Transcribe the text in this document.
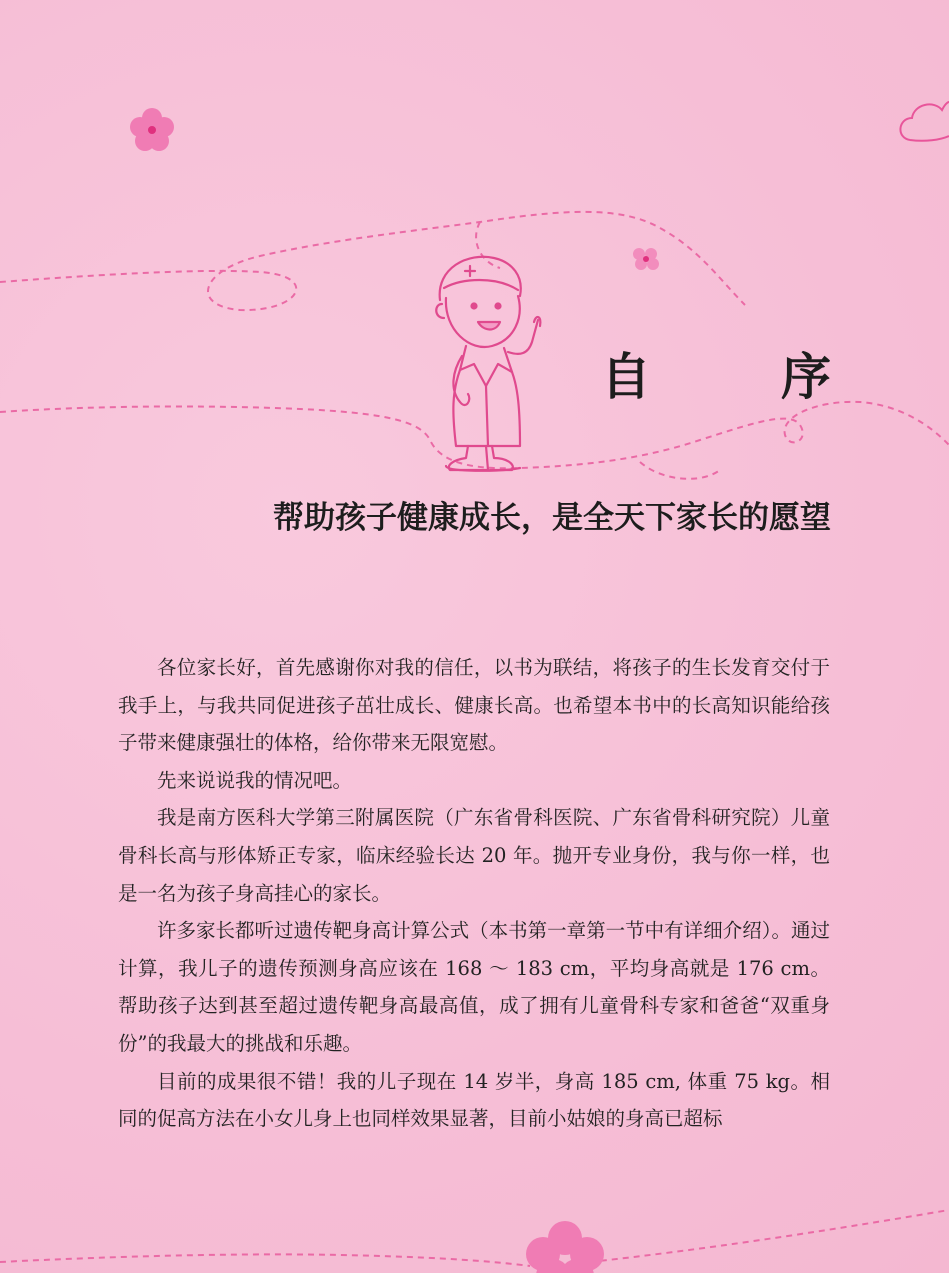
自　序
帮助孩子健康成长，是全天下家长的愿望

各位家长好，首先感谢你对我的信任，以书为联结，将孩子的生长发育交付于我手上，与我共同促进孩子茁壮成长、健康长高。也希望本书中的长高知识能给孩子带来健康强壮的体格，给你带来无限宽慰。

先来说说我的情况吧。

我是南方医科大学第三附属医院（广东省骨科医院、广东省骨科研究院）儿童骨科长高与形体矫正专家，临床经验长达 20 年。抛开专业身份，我与你一样，也是一名为孩子身高挂心的家长。

许多家长都听过遗传靶身高计算公式（本书第一章第一节中有详细介绍）。通过计算，我儿子的遗传预测身高应该在 168 ～ 183 cm，平均身高就是 176 cm。帮助孩子达到甚至超过遗传靶身高最高值，成了拥有儿童骨科专家和爸爸“双重身份”的我最大的挑战和乐趣。

目前的成果很不错！我的儿子现在 14 岁半，身高 185 cm, 体重 75 kg。相同的促高方法在小女儿身上也同样效果显著，目前小姑娘的身高已超标
